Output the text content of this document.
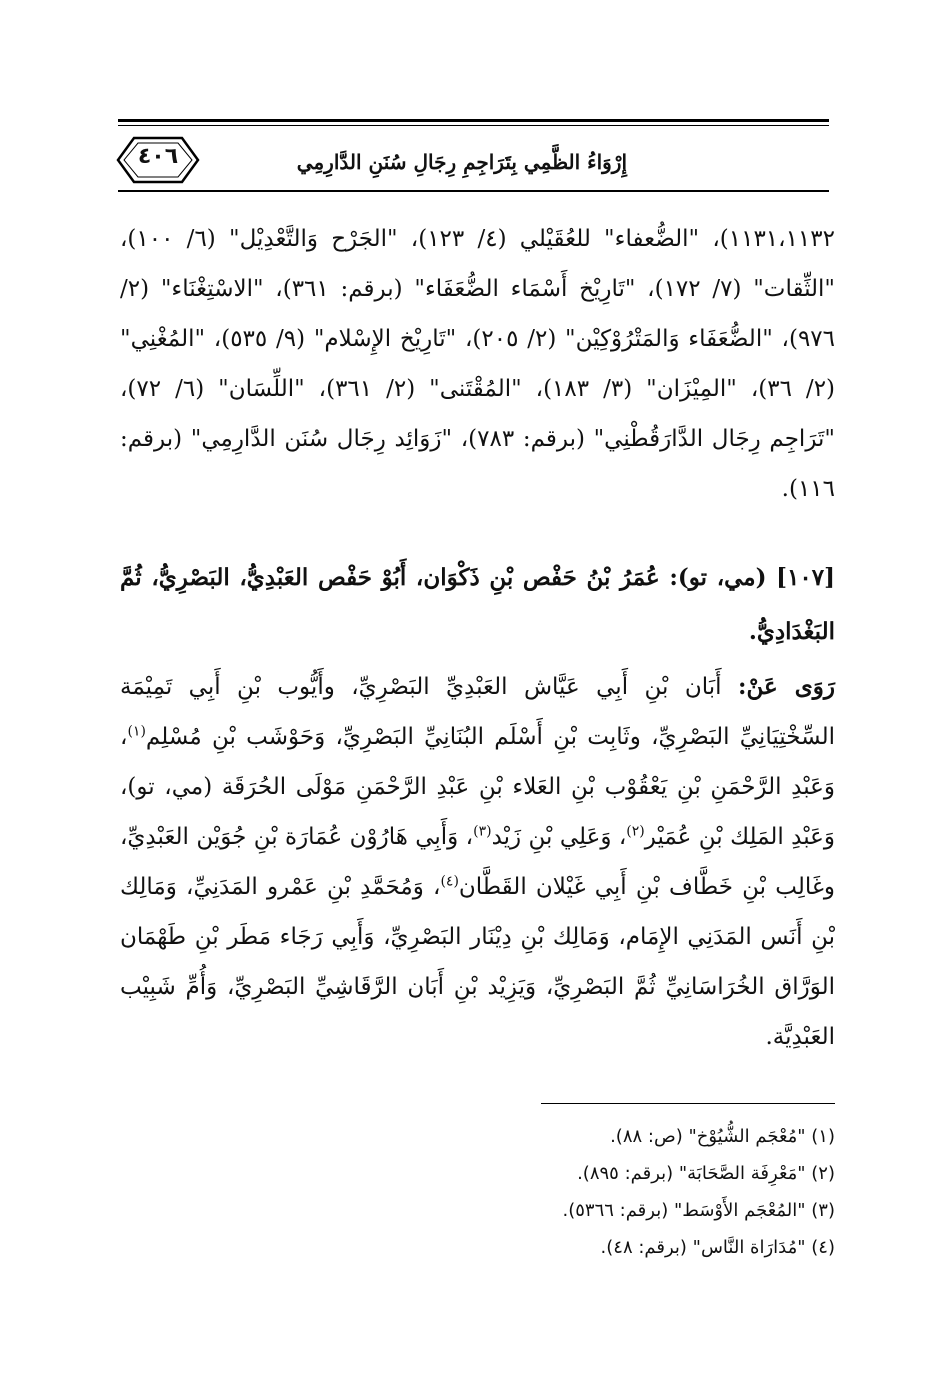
٤٠٦	إِرْوَاءُ الظَّمِي بِتَرَاجِمِ رِجَالِ سُنَنِ الدَّارِمِي
١١٣١،١١٣٢)، "الضُّعفاء" للعُقَيْلي (٤/ ١٢٣)، "الجَرْح وَالتَّعْدِيْل" (٦/ ١٠٠)، "الثِّقات" (٧/ ١٧٢)، "تَارِيْخ أَسْمَاء الضُّعَفَاء" (برقم: ٣٦١)، "الاسْتِغْنَاء" (٢/ ٩٧٦)، "الضُّعَفَاء وَالمَتْرُوْكِيْن" (٢/ ٢٠٥)، "تَارِيْخ الإِسْلام" (٩/ ٥٣٥)، "المُغْنِي" (٢/ ٣٦)، "المِيْزَان" (٣/ ١٨٣)، "المُقْتَنى" (٢/ ٣٦١)، "اللِّسَان" (٦/ ٧٢)، "تَرَاجِم رِجَال الدَّارَقُطْنِي" (برقم: ٧٨٣)، "زَوَائِد رِجَال سُنَن الدَّارِمِي" (برقم: ١١٦).
[١٠٧] (مي، تو): عُمَرُ بْنُ حَفْص بْنِ ذَكْوَان، أَبُوْ حَفْص العَبْدِيُّ، البَصْرِيُّ، ثُمَّ البَغْدَادِيُّ.
رَوَى عَنْ: أَبَان بْنِ أَبِي عَيَّاش العَبْدِيِّ البَصْرِيِّ، وأَيُّوب بْنِ أَبِي تَمِيْمَة السِّخْتِيَانِيِّ البَصْرِيِّ، وثَابِت بْنِ أَسْلَم البُنَانِيِّ البَصْرِيِّ، وَحَوْشَب بْنِ مُسْلِم$^{(١)}$، وَعَبْدِ الرَّحْمَنِ بْنِ يَعْقُوْب بْنِ العَلاء بْنِ عَبْدِ الرَّحْمَنِ مَوْلَى الحُرَقَة (مي، تو)، وَعَبْدِ المَلِك بْنِ عُمَيْر$^{(٢)}$، وَعَلِي بْنِ زَيْد$^{(٣)}$، وَأَبِي هَارُوْن عُمَارَة بْنِ جُوَيْن العَبْدِيِّ، وغَالِب بْنِ خَطَّاف بْنِ أَبِي غَيْلان القَطَّان$^{(٤)}$، وَمُحَمَّدِ بْنِ عَمْرو المَدَنِيِّ، وَمَالِك بْنِ أَنَس المَدَنِي الإِمَام، وَمَالِك بْنِ دِيْنَار البَصْرِيِّ، وَأَبِي رَجَاء مَطَر بْنِ طَهْمَان الوَرَّاق الخُرَاسَانِيِّ ثُمَّ البَصْرِيِّ، وَيَزِيْد بْنِ أَبَان الرَّقَاشِيِّ البَصْرِيِّ، وَأُمِّ شَبِيْب العَبْدِيَّة.
(١) "مُعْجَم الشُّيُوْخ" (ص: ٨٨).
(٢) "مَعْرِفَة الصَّحَابَة" (برقم: ٨٩٥).
(٣) "المُعْجَم الأَوْسَط" (برقم: ٥٣٦٦).
(٤) "مُدَارَاة النَّاس" (برقم: ٤٨).
